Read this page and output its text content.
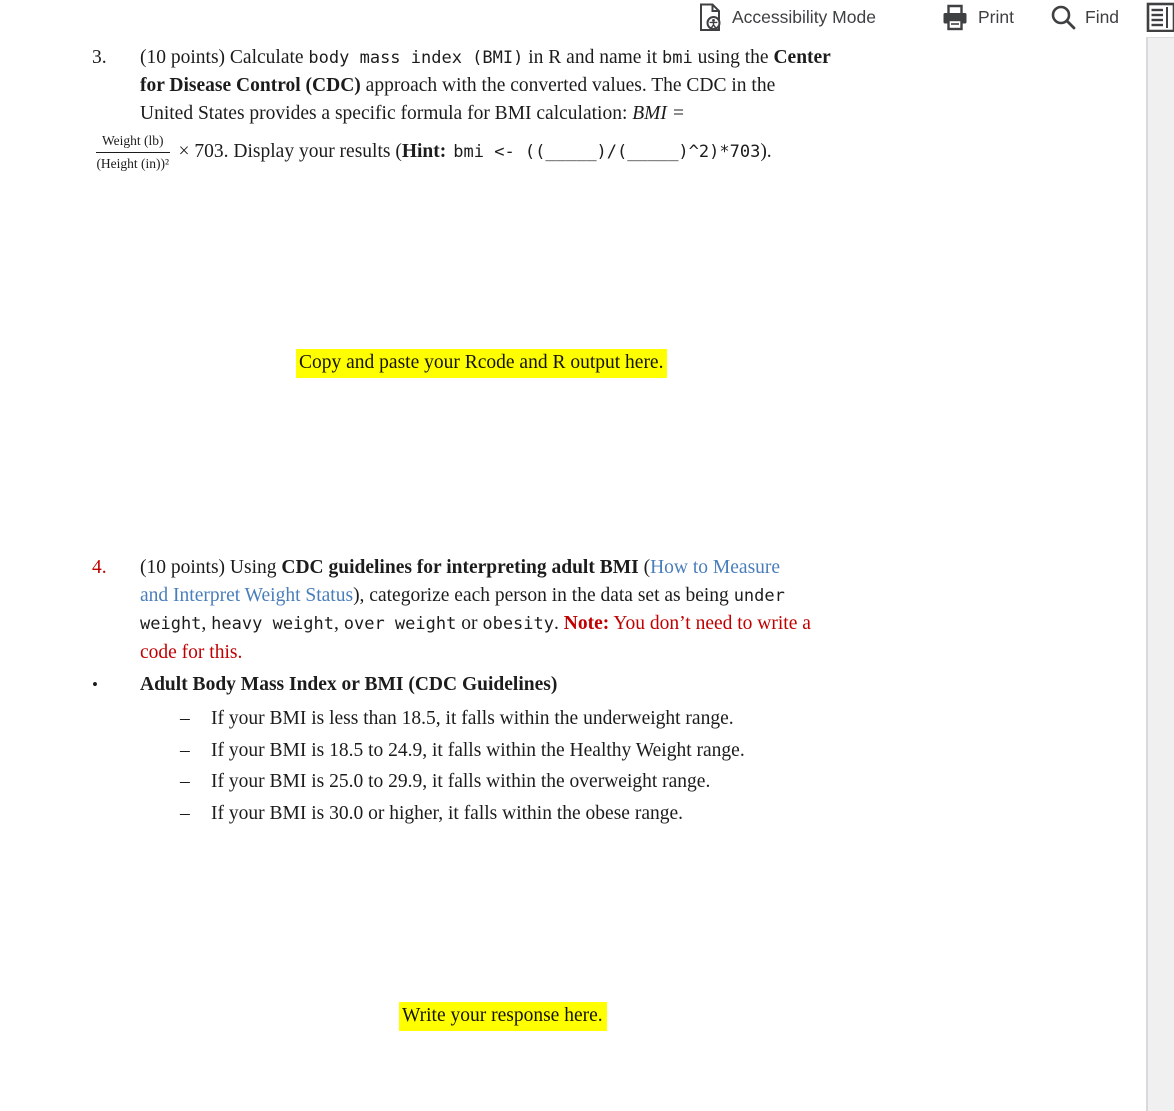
Accessibility Mode	Print	Find
3. (10 points) Calculate body mass index (BMI) in R and name it bmi using the Center
for Disease Control (CDC) approach with the converted values. The CDC in the
United States provides a specific formula for BMI calculation: BMI =
$\frac{\text{Weight (lb)}}{\text{(Height (in))²}} \times 703$. Display your results (Hint: bmi <- ((_____)/(_____)^2)*703).
Copy and paste your Rcode and R output here.
4. (10 points) Using CDC guidelines for interpreting adult BMI (How to Measure
and Interpret Weight Status), categorize each person in the data set as being under
weight, heavy weight, over weight or obesity. Note: You don’t need to write a
code for this.
• Adult Body Mass Index or BMI (CDC Guidelines)
– If your BMI is less than 18.5, it falls within the underweight range.
– If your BMI is 18.5 to 24.9, it falls within the Healthy Weight range.
– If your BMI is 25.0 to 29.9, it falls within the overweight range.
– If your BMI is 30.0 or higher, it falls within the obese range.
Write your response here.
